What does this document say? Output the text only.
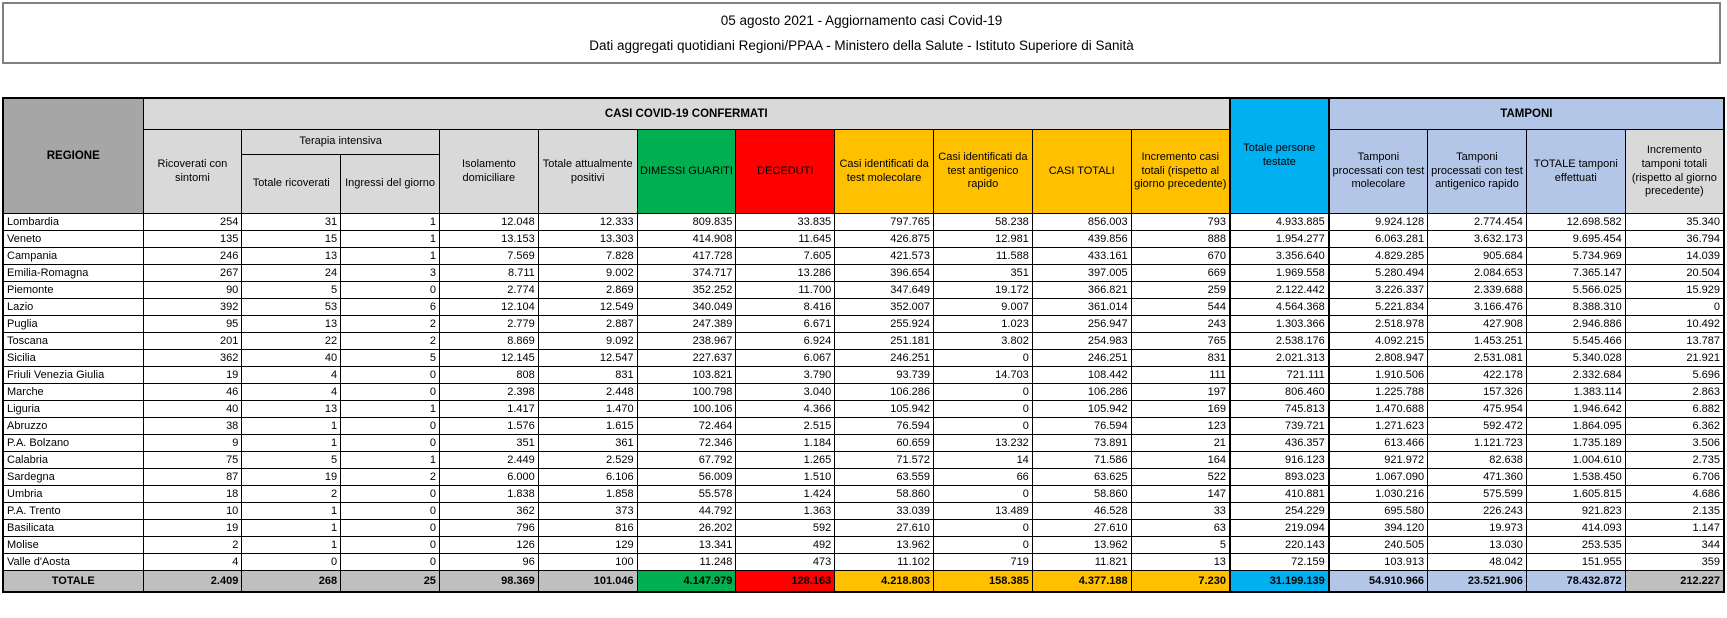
05 agosto 2021 - Aggiornamento casi Covid-19
Dati aggregati quotidiani Regioni/PPAA - Ministero della Salute - Istituto Superiore di Sanità
REGIONE	CASI COVID-19 CONFERMATI											Totale persone testate	TAMPONI			
	Ricoverati con sintomi	Terapia intensiva		Isolamento domiciliare	Totale attualmente positivi	DIMESSI GUARITI	DECEDUTI	Casi identificati da test molecolare	Casi identificati da test antigenico rapido	CASI TOTALI	Incremento casi totali (rispetto al giorno precedente)		Tamponi processati con test molecolare	Tamponi processati con test antigenico rapido	TOTALE tamponi effettuati	Incremento tamponi totali (rispetto al giorno precedente)
		Totale ricoverati	Ingressi del giorno													
Lombardia	254	31	1	12.048	12.333	809.835	33.835	797.765	58.238	856.003	793	4.933.885	9.924.128	2.774.454	12.698.582	35.340
Veneto	135	15	1	13.153	13.303	414.908	11.645	426.875	12.981	439.856	888	1.954.277	6.063.281	3.632.173	9.695.454	36.794
Campania	246	13	1	7.569	7.828	417.728	7.605	421.573	11.588	433.161	670	3.356.640	4.829.285	905.684	5.734.969	14.039
Emilia-Romagna	267	24	3	8.711	9.002	374.717	13.286	396.654	351	397.005	669	1.969.558	5.280.494	2.084.653	7.365.147	20.504
Piemonte	90	5	0	2.774	2.869	352.252	11.700	347.649	19.172	366.821	259	2.122.442	3.226.337	2.339.688	5.566.025	15.929
Lazio	392	53	6	12.104	12.549	340.049	8.416	352.007	9.007	361.014	544	4.564.368	5.221.834	3.166.476	8.388.310	0
Puglia	95	13	2	2.779	2.887	247.389	6.671	255.924	1.023	256.947	243	1.303.366	2.518.978	427.908	2.946.886	10.492
Toscana	201	22	2	8.869	9.092	238.967	6.924	251.181	3.802	254.983	765	2.538.176	4.092.215	1.453.251	5.545.466	13.787
Sicilia	362	40	5	12.145	12.547	227.637	6.067	246.251	0	246.251	831	2.021.313	2.808.947	2.531.081	5.340.028	21.921
Friuli Venezia Giulia	19	4	0	808	831	103.821	3.790	93.739	14.703	108.442	111	721.111	1.910.506	422.178	2.332.684	5.696
Marche	46	4	0	2.398	2.448	100.798	3.040	106.286	0	106.286	197	806.460	1.225.788	157.326	1.383.114	2.863
Liguria	40	13	1	1.417	1.470	100.106	4.366	105.942	0	105.942	169	745.813	1.470.688	475.954	1.946.642	6.882
Abruzzo	38	1	0	1.576	1.615	72.464	2.515	76.594	0	76.594	123	739.721	1.271.623	592.472	1.864.095	6.362
P.A. Bolzano	9	1	0	351	361	72.346	1.184	60.659	13.232	73.891	21	436.357	613.466	1.121.723	1.735.189	3.506
Calabria	75	5	1	2.449	2.529	67.792	1.265	71.572	14	71.586	164	916.123	921.972	82.638	1.004.610	2.735
Sardegna	87	19	2	6.000	6.106	56.009	1.510	63.559	66	63.625	522	893.023	1.067.090	471.360	1.538.450	6.706
Umbria	18	2	0	1.838	1.858	55.578	1.424	58.860	0	58.860	147	410.881	1.030.216	575.599	1.605.815	4.686
P.A. Trento	10	1	0	362	373	44.792	1.363	33.039	13.489	46.528	33	254.229	695.580	226.243	921.823	2.135
Basilicata	19	1	0	796	816	26.202	592	27.610	0	27.610	63	219.094	394.120	19.973	414.093	1.147
Molise	2	1	0	126	129	13.341	492	13.962	0	13.962	5	220.143	240.505	13.030	253.535	344
Valle d'Aosta	4	0	0	96	100	11.248	473	11.102	719	11.821	13	72.159	103.913	48.042	151.955	359
TOTALE	2.409	268	25	98.369	101.046	4.147.979	128.163	4.218.803	158.385	4.377.188	7.230	31.199.139	54.910.966	23.521.906	78.432.872	212.227
